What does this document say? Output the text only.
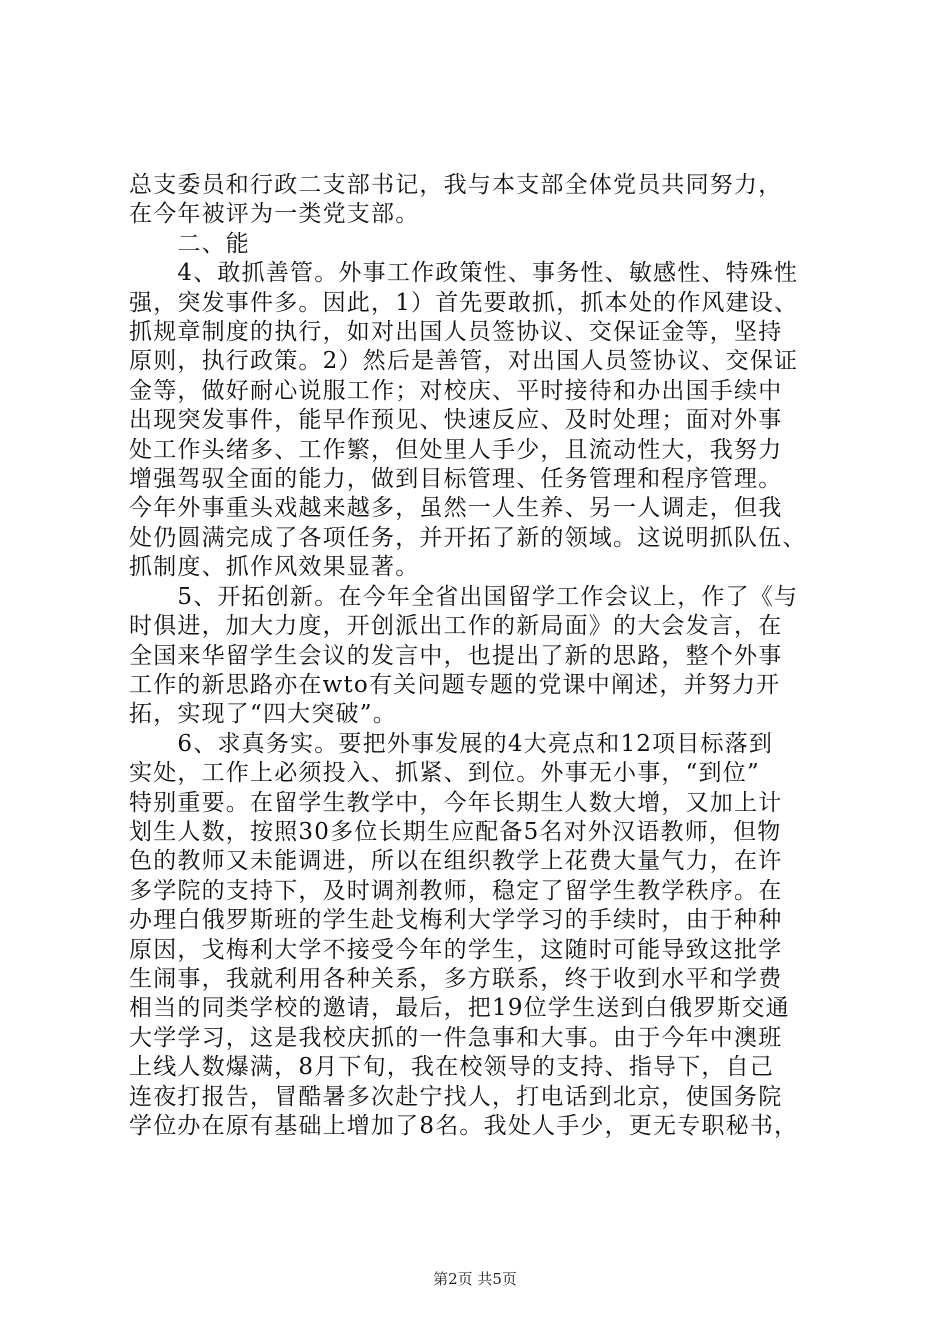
总支委员和行政二支部书记，我与本支部全体党员共同努力，
在今年被评为一类党支部。
　　二、能
　　4、敢抓善管。外事工作政策性、事务性、敏感性、特殊性
强，突发事件多。因此，1）首先要敢抓，抓本处的作风建设、
抓规章制度的执行，如对出国人员签协议、交保证金等，坚持
原则，执行政策。2）然后是善管，对出国人员签协议、交保证
金等，做好耐心说服工作；对校庆、平时接待和办出国手续中
出现突发事件，能早作预见、快速反应、及时处理；面对外事
处工作头绪多、工作繁，但处里人手少，且流动性大，我努力
增强驾驭全面的能力，做到目标管理、任务管理和程序管理。
今年外事重头戏越来越多，虽然一人生养、另一人调走，但我
处仍圆满完成了各项任务，并开拓了新的领域。这说明抓队伍、
抓制度、抓作风效果显著。
　　5、开拓创新。在今年全省出国留学工作会议上，作了《与
时俱进，加大力度，开创派出工作的新局面》的大会发言，在
全国来华留学生会议的发言中，也提出了新的思路，整个外事
工作的新思路亦在wto有关问题专题的党课中阐述，并努力开
拓，实现了“四大突破”。
　　6、求真务实。要把外事发展的4大亮点和12项目标落到
实处，工作上必须投入、抓紧、到位。外事无小事，“到位”
特别重要。在留学生教学中，今年长期生人数大增，又加上计
划生人数，按照30多位长期生应配备5名对外汉语教师，但物
色的教师又未能调进，所以在组织教学上花费大量气力，在许
多学院的支持下，及时调剂教师，稳定了留学生教学秩序。在
办理白俄罗斯班的学生赴戈梅利大学学习的手续时，由于种种
原因，戈梅利大学不接受今年的学生，这随时可能导致这批学
生闹事，我就利用各种关系，多方联系，终于收到水平和学费
相当的同类学校的邀请，最后，把19位学生送到白俄罗斯交通
大学学习，这是我校庆抓的一件急事和大事。由于今年中澳班
上线人数爆满，8月下旬，我在校领导的支持、指导下，自己
连夜打报告，冒酷暑多次赴宁找人，打电话到北京，使国务院
学位办在原有基础上增加了8名。我处人手少，更无专职秘书，
第2页 共5页
